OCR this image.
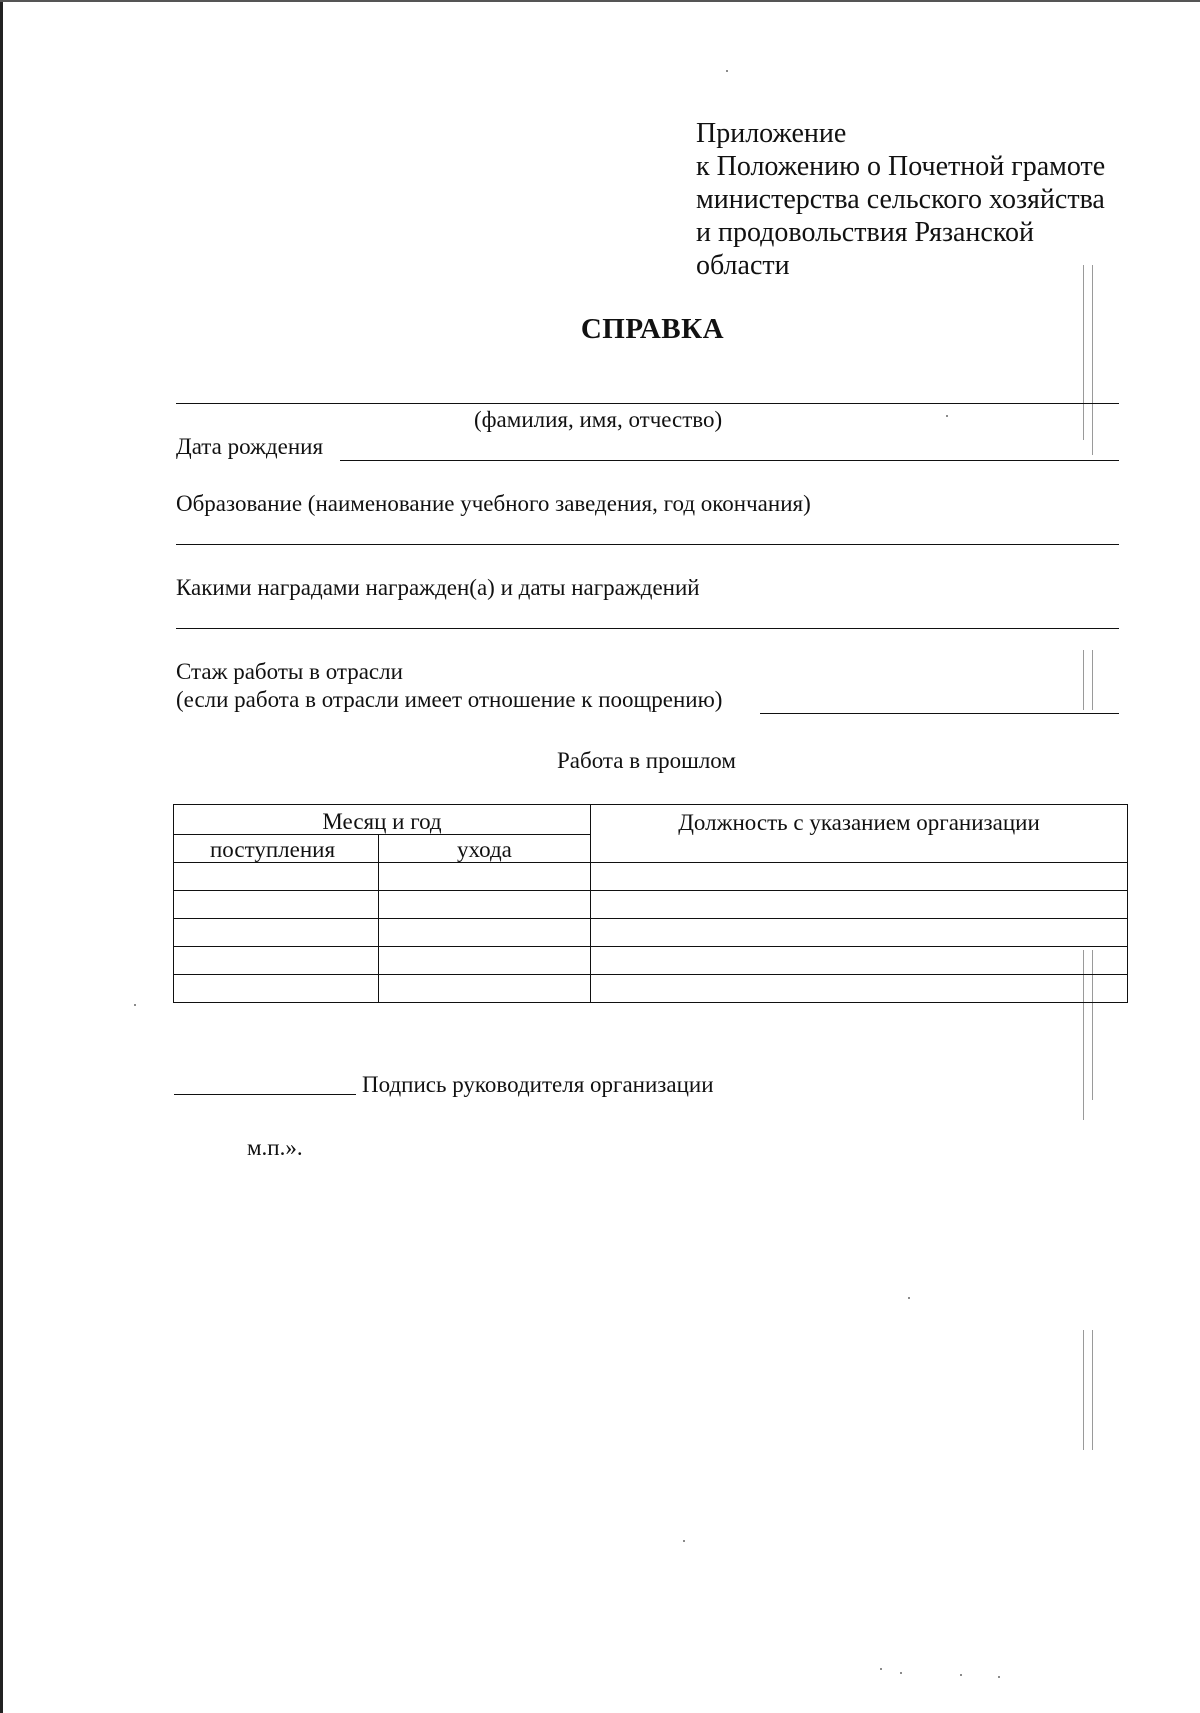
Приложение
к Положению о Почетной грамоте
министерства сельского хозяйства
и продовольствия Рязанской
области
СПРАВКА
(фамилия, имя, отчество)
Дата рождения
Образование (наименование учебного заведения, год окончания)
Какими наградами награжден(а) и даты награждений
Стаж работы в отрасли
(если работа в отрасли имеет отношение к поощрению)
Работа в прошлом
Месяц и год		Должность с указанием организации
поступления	ухода	

Подпись руководителя организации
м.п.».
